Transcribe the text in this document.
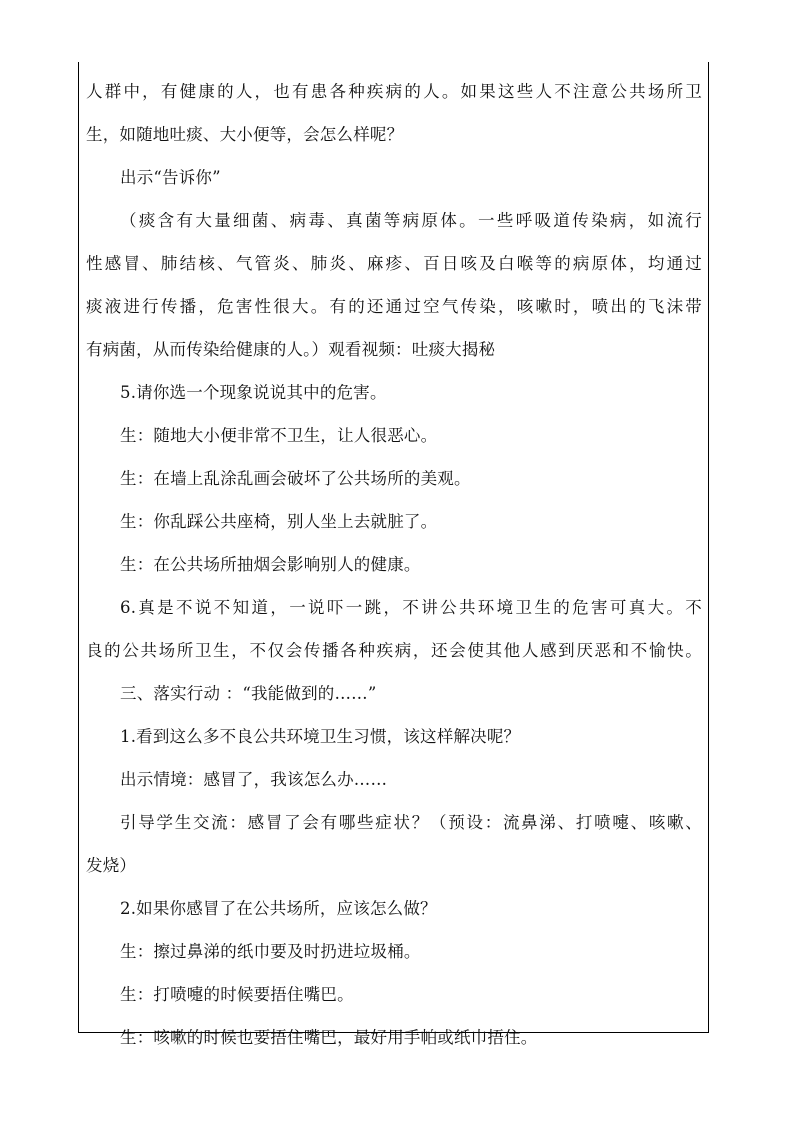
人群中，有健康的人，也有患各种疾病的人。如果这些人不注意公共场所卫
生，如随地吐痰、大小便等，会怎么样呢？
出示“告诉你”
（痰含有大量细菌、病毒、真菌等病原体。一些呼吸道传染病，如流行
性感冒、肺结核、气管炎、肺炎、麻疹、百日咳及白喉等的病原体，均通过
痰液进行传播，危害性很大。有的还通过空气传染，咳嗽时，喷出的飞沫带
有病菌，从而传染给健康的人。）观看视频：吐痰大揭秘
5.请你选一个现象说说其中的危害。
生：随地大小便非常不卫生，让人很恶心。
生：在墙上乱涂乱画会破坏了公共场所的美观。
生：你乱踩公共座椅，别人坐上去就脏了。
生：在公共场所抽烟会影响别人的健康。
6.真是不说不知道，一说吓一跳，不讲公共环境卫生的危害可真大。不
良的公共场所卫生，不仅会传播各种疾病，还会使其他人感到厌恶和不愉快。
三、落实行动 ：“我能做到的……”
1.看到这么多不良公共环境卫生习惯，该这样解决呢？
出示情境：感冒了，我该怎么办……
引导学生交流：感冒了会有哪些症状？（预设：流鼻涕、打喷嚏、咳嗽、
发烧）
2.如果你感冒了在公共场所，应该怎么做？
生：擦过鼻涕的纸巾要及时扔进垃圾桶。
生：打喷嚏的时候要捂住嘴巴。
生：咳嗽的时候也要捂住嘴巴，最好用手帕或纸巾捂住。
